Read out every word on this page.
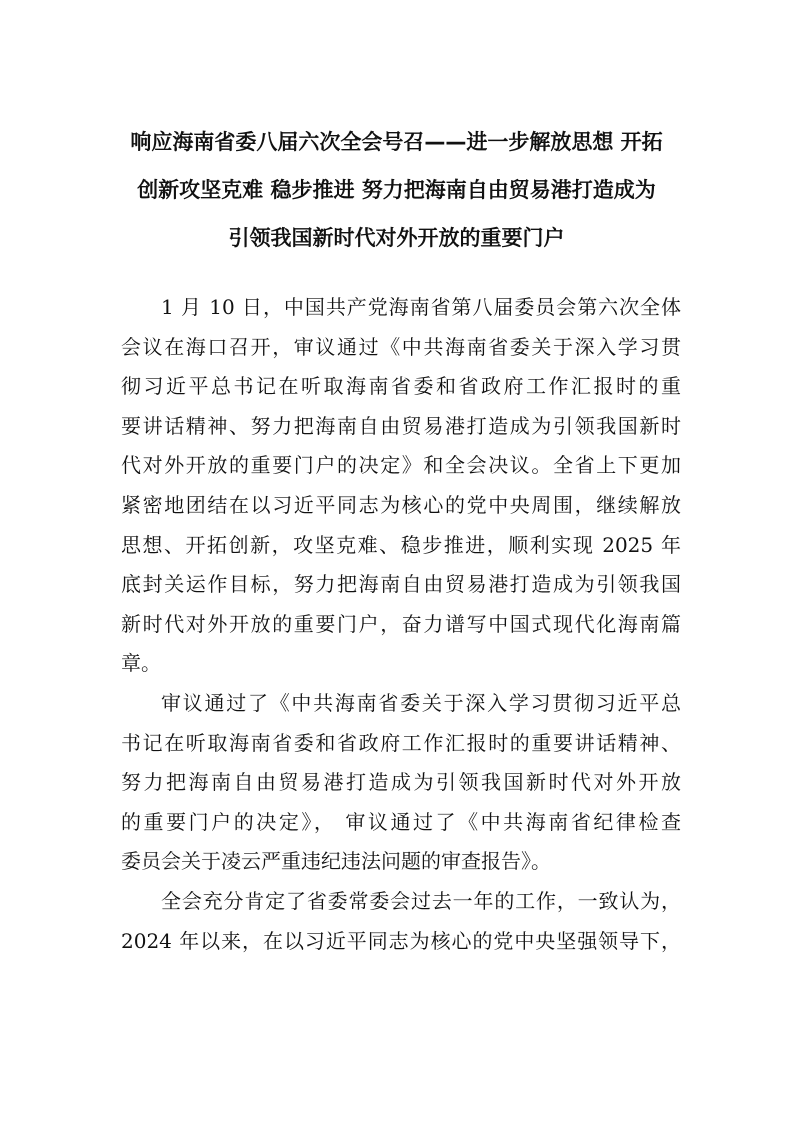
响应海南省委八届六次全会号召——进一步解放思想 开拓
创新攻坚克难 稳步推进 努力把海南自由贸易港打造成为
引领我国新时代对外开放的重要门户

1 月 10 日，中国共产党海南省第八届委员会第六次全体
会议在海口召开，审议通过《中共海南省委关于深入学习贯
彻习近平总书记在听取海南省委和省政府工作汇报时的重
要讲话精神、努力把海南自由贸易港打造成为引领我国新时
代对外开放的重要门户的决定》和全会决议。全省上下更加
紧密地团结在以习近平同志为核心的党中央周围，继续解放
思想、开拓创新，攻坚克难、稳步推进，顺利实现 2025 年
底封关运作目标，努力把海南自由贸易港打造成为引领我国
新时代对外开放的重要门户，奋力谱写中国式现代化海南篇
章。

审议通过了《中共海南省委关于深入学习贯彻习近平总
书记在听取海南省委和省政府工作汇报时的重要讲话精神、
努力把海南自由贸易港打造成为引领我国新时代对外开放
的重要门户的决定》， 审议通过了《中共海南省纪律检查
委员会关于凌云严重违纪违法问题的审查报告》。

全会充分肯定了省委常委会过去一年的工作，一致认为，
2024 年以来，在以习近平同志为核心的党中央坚强领导下，
